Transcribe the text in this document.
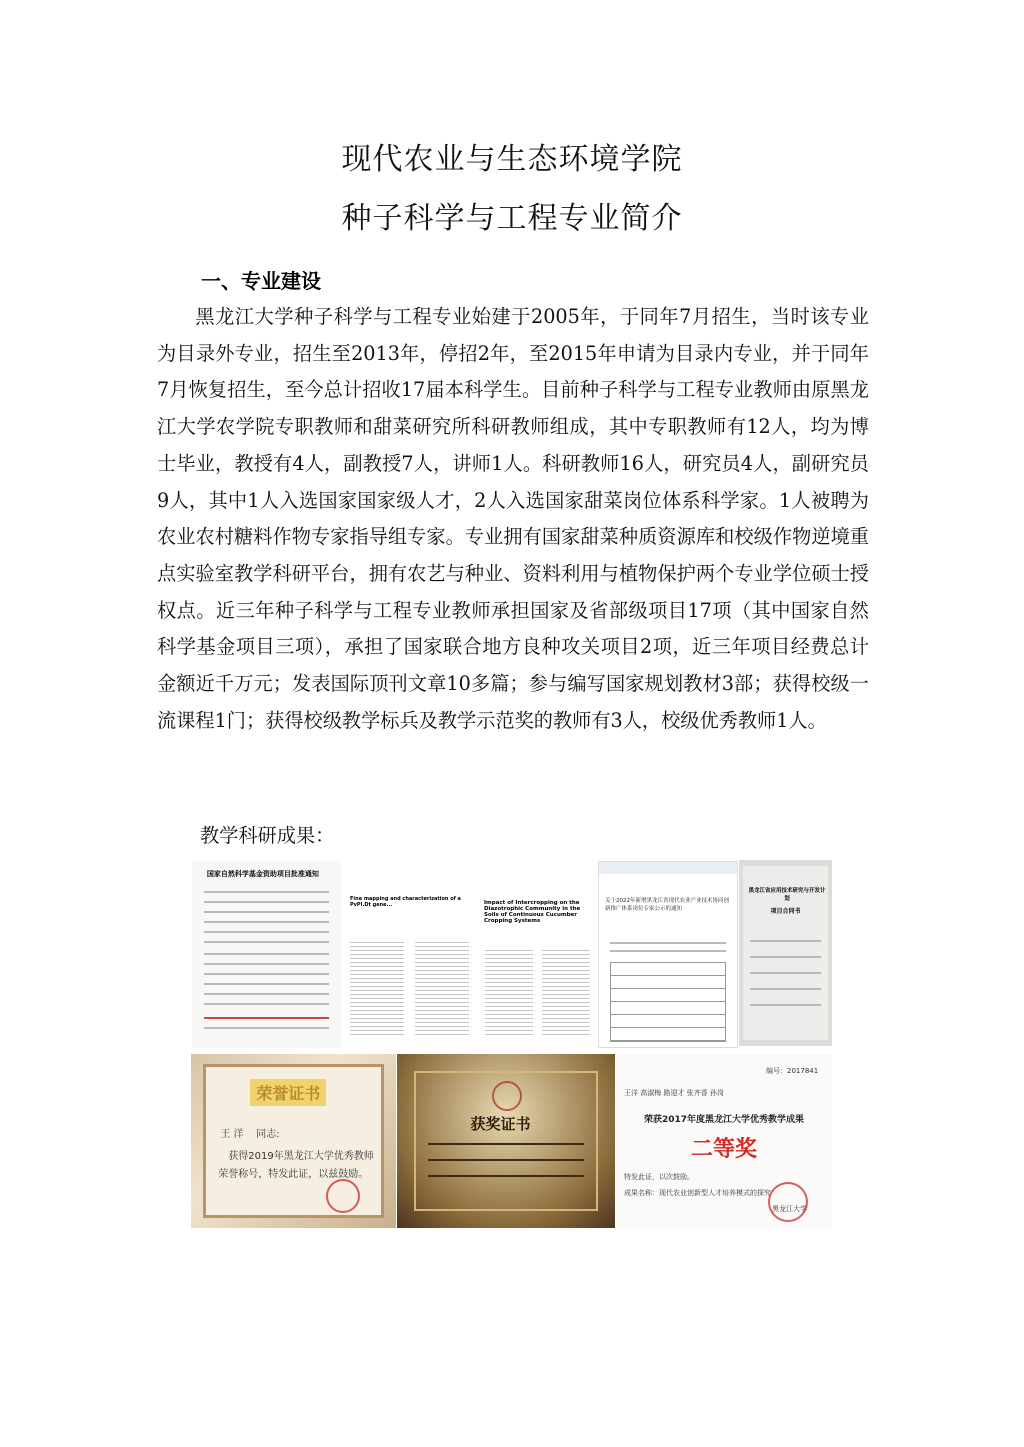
现代农业与生态环境学院
种子科学与工程专业简介
一、专业建设

黑龙江大学种子科学与工程专业始建于2005年，于同年7月招生，当时该专业为目录外专业，招生至2013年，停招2年，至2015年申请为目录内专业，并于同年7月恢复招生，至今总计招收17届本科学生。目前种子科学与工程专业教师由原黑龙江大学农学院专职教师和甜菜研究所科研教师组成，其中专职教师有12人，均为博士毕业，教授有4人，副教授7人，讲师1人。科研教师16人，研究员4人，副研究员9人，其中1人入选国家国家级人才，2人入选国家甜菜岗位体系科学家。1人被聘为农业农村糖料作物专家指导组专家。专业拥有国家甜菜种质资源库和校级作物逆境重点实验室教学科研平台，拥有农艺与种业、资料利用与植物保护两个专业学位硕士授权点。近三年种子科学与工程专业教师承担国家及省部级项目17项（其中国家自然科学基金项目三项），承担了国家联合地方良种攻关项目2项，近三年项目经费总计金额近千万元；发表国际顶刊文章10多篇；参与编写国家规划教材3部；获得校级一流课程1门；获得校级教学标兵及教学示范奖的教师有3人，校级优秀教师1人。

教学科研成果：
国家自然科学基金资助项目批准通知
Fine mapping and characterization of a PvPI.Dt gene...	Impact of Intercropping on the Diazotrophic Community in the Soils of Continuous Cucumber Cropping Systems
关于2022年新增黑龙江省现代农业产业技术协同创新推广体系岗位专家公示的通知
黑龙江省应用技术研究与开发计划
项目合同书
荣誉证书
王 洋 同志:
获得2019年黑龙江大学优秀教师
荣誉称号，特发此证，以兹鼓励。
获奖证书
编号：2017841
王洋 高淑梅 路迎才 张齐香 孙岗
荣获2017年度黑龙江大学优秀教学成果
二等奖
特发此证，以次鼓励。
成果名称：现代农业创新型人才培养模式的探究
黑龙江大学
